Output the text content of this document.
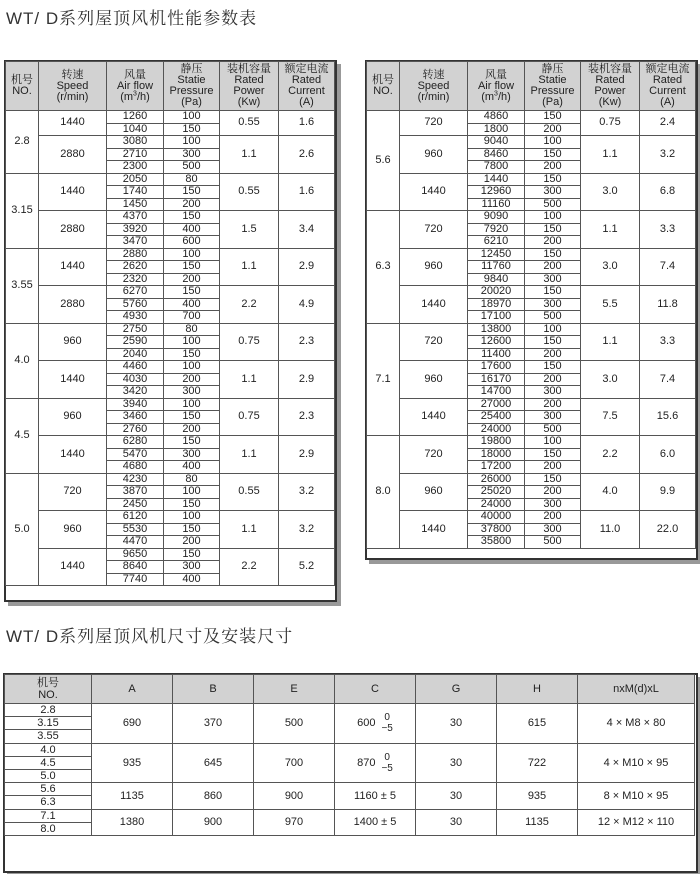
WT/ D系列屋顶风机性能参数表
机号
NO.	转速
Speed
(r/min)	风量
Air flow
$(m^3/h)$	静压
Statie
Pressure
(Pa)	装机容量
Rated
Power
(Kw)	额定电流
Rated
Current
(A)
2.8	1440	1260	100	0.55	1.6
		1040	150		
	2880	3080	100	1.1	2.6
		2710	300		
		2300	500		
3.15	1440	2050	80	0.55	1.6
		1740	150		
		1450	200		
	2880	4370	150	1.5	3.4
		3920	400		
		3470	600		
3.55	1440	2880	100	1.1	2.9
		2620	150		
		2320	200		
	2880	6270	150	2.2	4.9
		5760	400		
		4930	700		
4.0	960	2750	80	0.75	2.3
		2590	100		
		2040	150		
	1440	4460	100	1.1	2.9
		4030	200		
		3420	300		
4.5	960	3940	100	0.75	2.3
		3460	150		
		2760	200		
	1440	6280	150	1.1	2.9
		5470	300		
		4680	400		
5.0	720	4230	80	0.55	3.2
		3870	100		
		2450	150		
	960	6120	100	1.1	3.2
		5530	150		
		4470	200		
	1440	9650	150	2.2	5.2
		8640	300		
		7740	400		
机号
NO.	转速
Speed
(r/min)	风量
Air flow
$(m^3/h)$	静压
Statie
Pressure
(Pa)	装机容量
Rated
Power
(Kw)	额定电流
Rated
Current
(A)
5.6	720	4860	150	0.75	2.4
		1800	200		
	960	9040	100	1.1	3.2
		8460	150		
		7800	200		
	1440	1440	150	3.0	6.8
		12960	300		
		11160	500		
6.3	720	9090	100	1.1	3.3
		7920	150		
		6210	200		
	960	12450	150	3.0	7.4
		11760	200		
		9840	300		
	1440	20020	150	5.5	11.8
		18970	300		
		17100	500		
7.1	720	13800	100	1.1	3.3
		12600	150		
		11400	200		
	960	17600	150	3.0	7.4
		16170	200		
		14700	300		
	1440	27000	200	7.5	15.6
		25400	300		
		24000	500		
8.0	720	19800	100	2.2	6.0
		18000	150		
		17200	200		
	960	26000	150	4.0	9.9
		25020	200		
		24000	300		
	1440	40000	200	11.0	22.0
		37800	300		
		35800	500		
WT/ D系列屋顶风机尺寸及安装尺寸
机号
NO.	A	B	E	C	G	H	nxM(d)xL
2.8	690	370	500	600 0
−5	30	615	4 × M8 × 80
3.15							
3.55							
4.0	935	645	700	870 0
−5	30	722	4 × M10 × 95
4.5							
5.0							
5.6	1135	860	900	1160 ± 5	30	935	8 × M10 × 95
6.3							
7.1	1380	900	970	1400 ± 5	30	1135	12 × M12 × 110
8.0							
